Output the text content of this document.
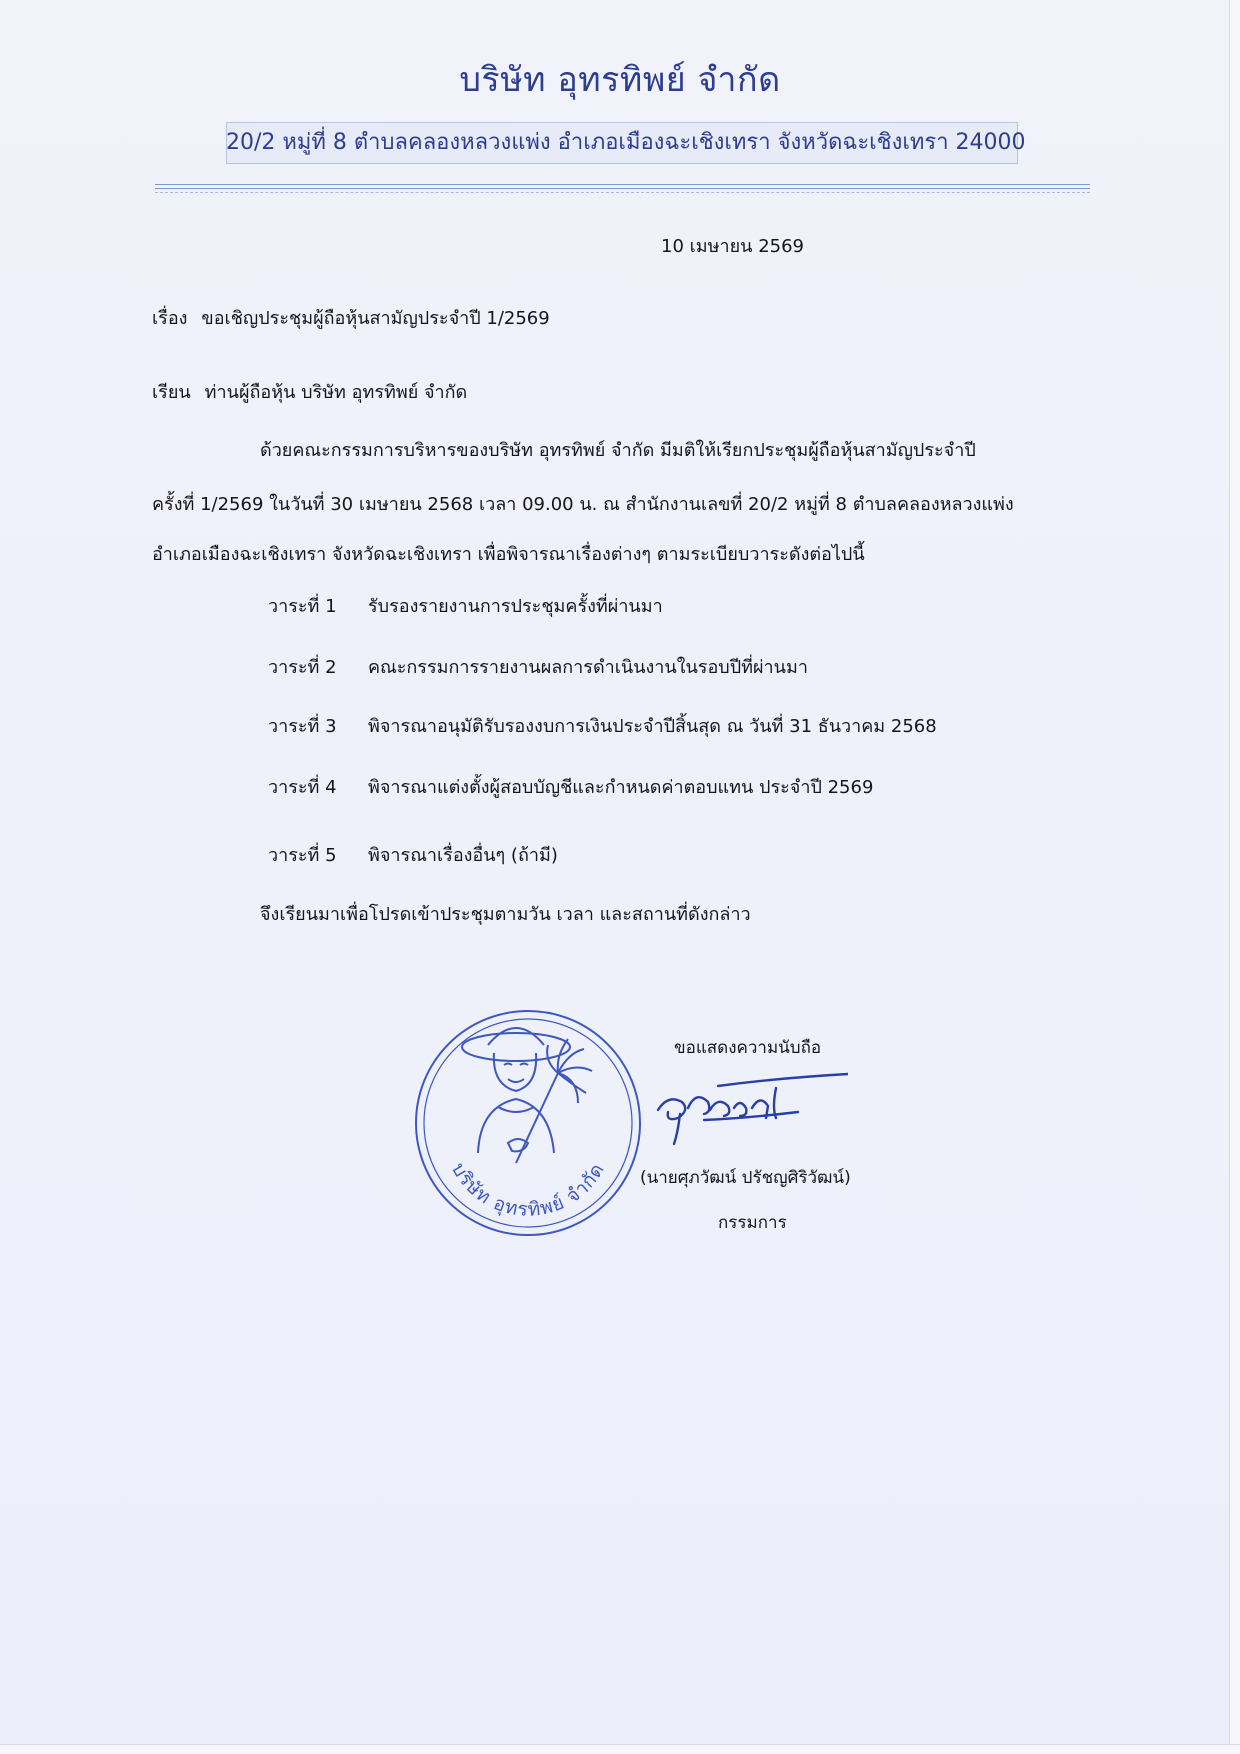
บริษัท อุทรทิพย์ จำกัด
20/2 หมู่ที่ 8 ตำบลคลองหลวงแพ่ง อำเภอเมืองฉะเชิงเทรา จังหวัดฉะเชิงเทรา 24000
10 เมษายน 2569
เรื่อง ขอเชิญประชุมผู้ถือหุ้นสามัญประจำปี 1/2569
เรียน ท่านผู้ถือหุ้น บริษัท อุทรทิพย์ จำกัด
ด้วยคณะกรรมการบริหารของบริษัท อุทรทิพย์ จำกัด มีมติให้เรียกประชุมผู้ถือหุ้นสามัญประจำปี
ครั้งที่ 1/2569 ในวันที่ 30 เมษายน 2568 เวลา 09.00 น. ณ สำนักงานเลขที่ 20/2 หมู่ที่ 8 ตำบลคลองหลวงแพ่ง
อำเภอเมืองฉะเชิงเทรา จังหวัดฉะเชิงเทรา เพื่อพิจารณาเรื่องต่างๆ ตามระเบียบวาระดังต่อไปนี้
วาระที่ 1 รับรองรายงานการประชุมครั้งที่ผ่านมา
วาระที่ 2 คณะกรรมการรายงานผลการดำเนินงานในรอบปีที่ผ่านมา
วาระที่ 3 พิจารณาอนุมัติรับรองงบการเงินประจำปีสิ้นสุด ณ วันที่ 31 ธันวาคม 2568
วาระที่ 4 พิจารณาแต่งตั้งผู้สอบบัญชีและกำหนดค่าตอบแทน ประจำปี 2569
วาระที่ 5 พิจารณาเรื่องอื่นๆ (ถ้ามี)
จึงเรียนมาเพื่อโปรดเข้าประชุมตามวัน เวลา และสถานที่ดังกล่าว
ขอแสดงความนับถือ
บริษัท อุทรทิพย์ จำกัด (นายศุภวัฒน์ ปรัชญศิริวัฒน์)
กรรมการ
